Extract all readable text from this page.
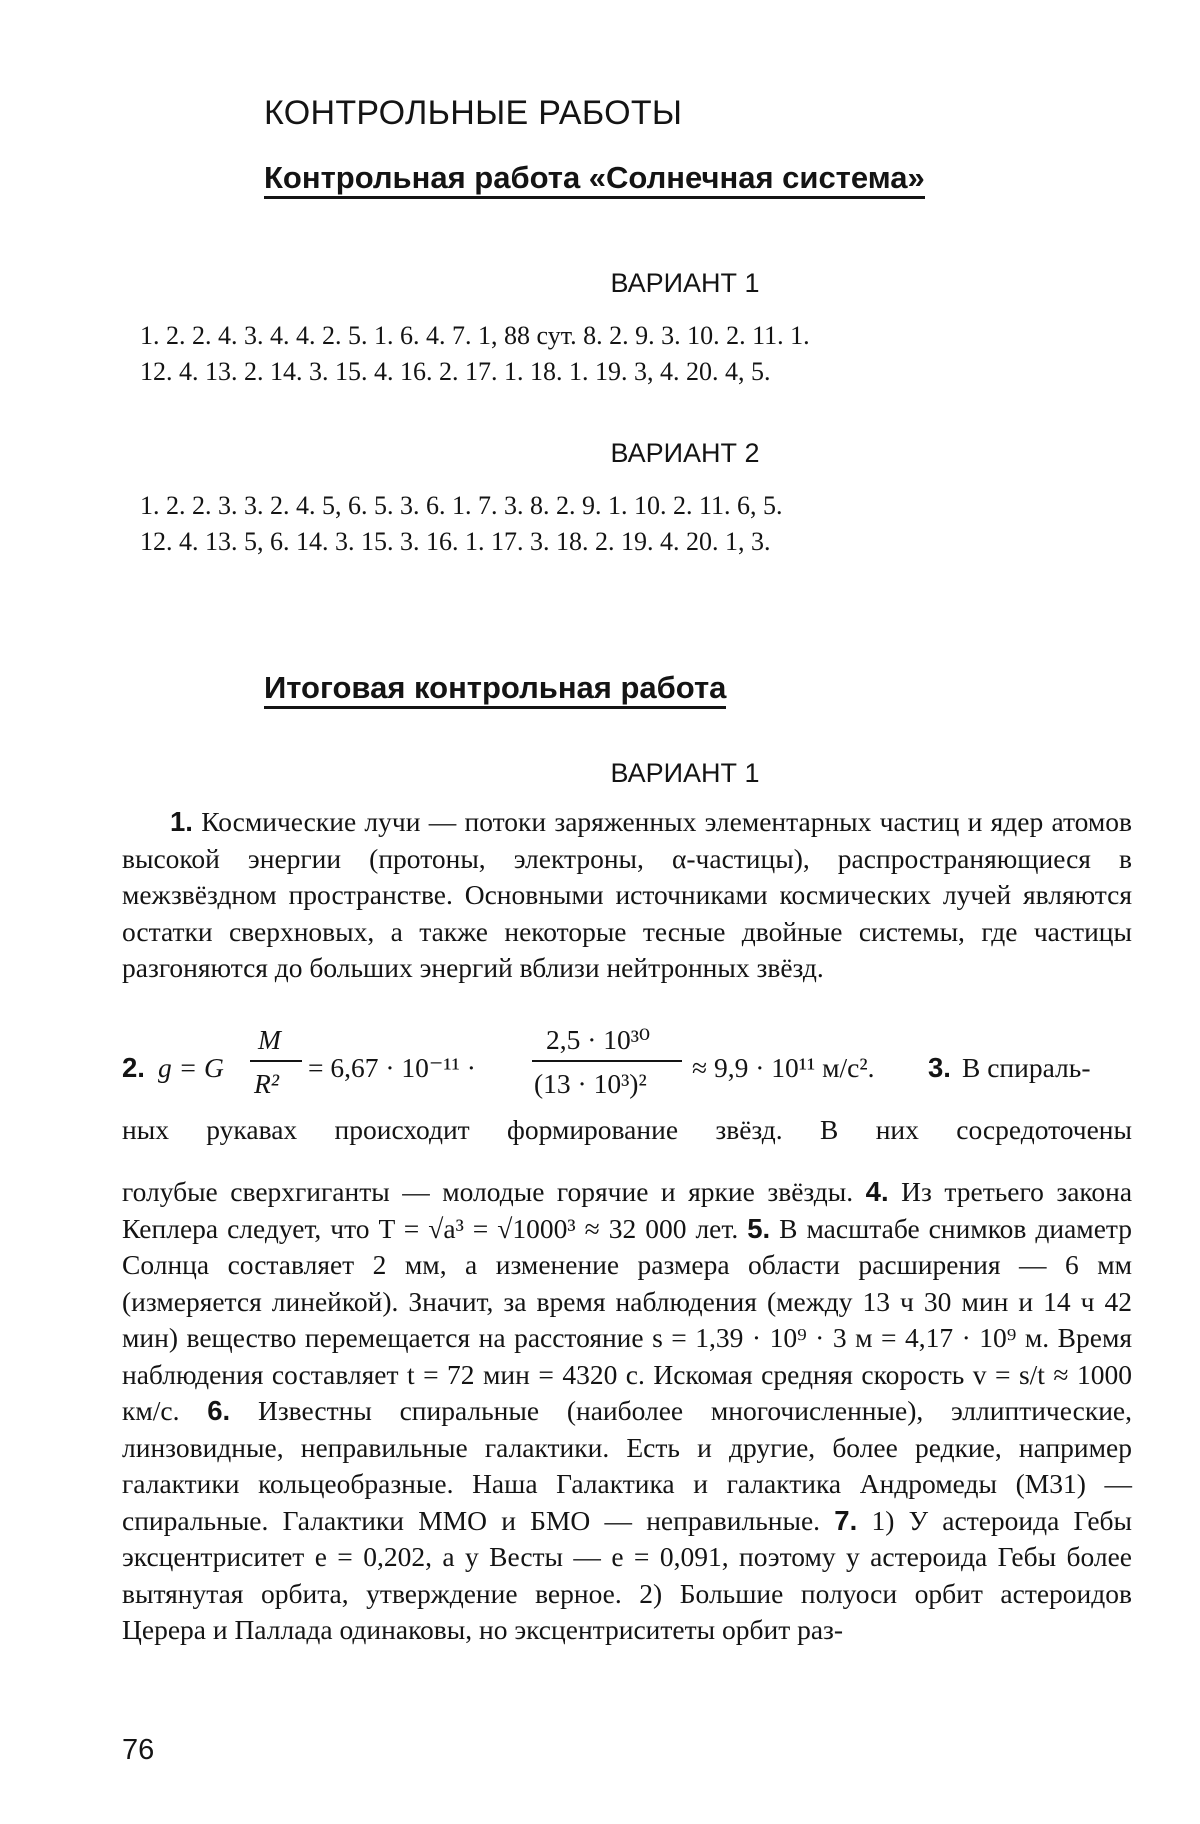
КОНТРОЛЬНЫЕ РАБОТЫ
Контрольная работа «Солнечная система»
ВАРИАНТ 1
1. 2. 2. 4. 3. 4. 4. 2. 5. 1. 6. 4. 7. 1, 88 сут. 8. 2. 9. 3. 10. 2. 11. 1.
12. 4. 13. 2. 14. 3. 15. 4. 16. 2. 17. 1. 18. 1. 19. 3, 4. 20. 4, 5.
ВАРИАНТ 2
1. 2. 2. 3. 3. 2. 4. 5, 6. 5. 3. 6. 1. 7. 3. 8. 2. 9. 1. 10. 2. 11. 6, 5.
12. 4. 13. 5, 6. 14. 3. 15. 3. 16. 1. 17. 3. 18. 2. 19. 4. 20. 1, 3.
Итоговая контрольная работа
ВАРИАНТ 1
1. Космические лучи — потоки заряженных элементарных частиц и ядер атомов высокой энергии (протоны, электроны, α-частицы), распространяющиеся в межзвёздном пространстве. Основными источниками космических лучей являются остатки сверхновых, а также некоторые тесные двойные системы, где частицы разгоняются до больших энергий вблизи нейтронных звёзд.
2. g = G
M
R²
= 6,67 · 10⁻¹¹ ·
2,5 · 10³⁰
(13 · 10³)²
≈ 9,9 · 10¹¹ м/с². 3. В спираль-
ных рукавах происходит формирование звёзд. В них сосредоточены
голубые сверхгиганты — молодые горячие и яркие звёзды. 4. Из третьего закона Кеплера следует, что T = √a³ = √1000³ ≈ 32 000 лет. 5. В масштабе снимков диаметр Солнца составляет 2 мм, а изменение размера области расширения — 6 мм (измеряется линейкой). Значит, за время наблюдения (между 13 ч 30 мин и 14 ч 42 мин) вещество перемещается на расстояние s = 1,39 · 10⁹ · 3 м = 4,17 · 10⁹ м. Время наблюдения составляет t = 72 мин = 4320 с. Искомая средняя скорость v = s/t ≈ 1000 км/с. 6. Известны спиральные (наиболее многочисленные), эллиптические, линзовидные, неправильные галактики. Есть и другие, более редкие, например галактики кольцеобразные. Наша Галактика и галактика Андромеды (М31) — спиральные. Галактики ММО и БМО — неправильные. 7. 1) У астероида Гебы эксцентриситет e = 0,202, а у Весты — e = 0,091, поэтому у астероида Гебы более вытянутая орбита, утверждение верное. 2) Большие полуоси орбит астероидов Церера и Паллада одинаковы, но эксцентриситеты орбит раз-
76
